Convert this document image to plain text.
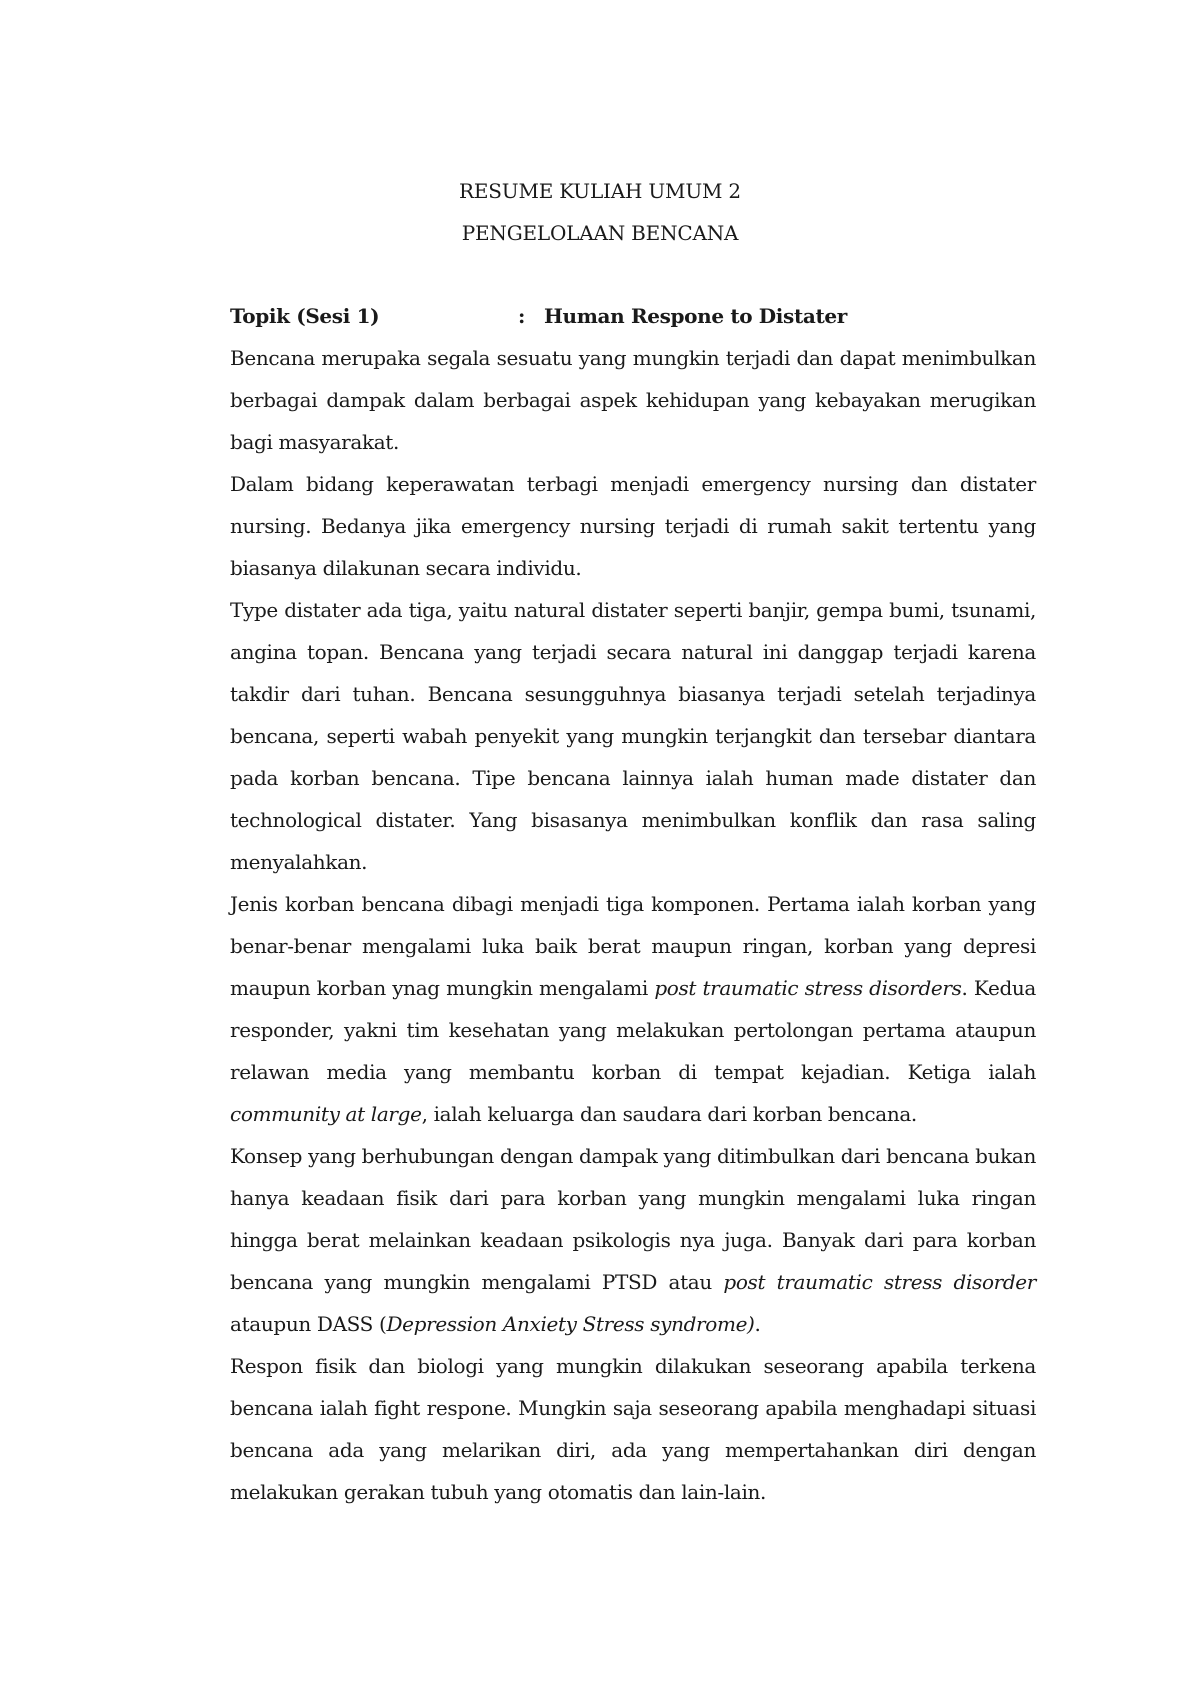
RESUME KULIAH UMUM 2
PENGELOLAAN BENCANA
Topik (Sesi 1)	: Human Respone to Distater

Bencana merupaka segala sesuatu yang mungkin terjadi dan dapat menimbulkan berbagai dampak dalam berbagai aspek kehidupan yang kebayakan merugikan bagi masyarakat.

Dalam bidang keperawatan terbagi menjadi emergency nursing dan distater nursing. Bedanya jika emergency nursing terjadi di rumah sakit tertentu yang biasanya dilakunan secara individu.

Type distater ada tiga, yaitu natural distater seperti banjir, gempa bumi, tsunami, angina topan. Bencana yang terjadi secara natural ini danggap terjadi karena takdir dari tuhan. Bencana sesungguhnya biasanya terjadi setelah terjadinya bencana, seperti wabah penyekit yang mungkin terjangkit dan tersebar diantara pada korban bencana. Tipe bencana lainnya ialah human made distater dan technological distater. Yang bisasanya menimbulkan konflik dan rasa saling menyalahkan.

Jenis korban bencana dibagi menjadi tiga komponen. Pertama ialah korban yang benar-benar mengalami luka baik berat maupun ringan, korban yang depresi maupun korban ynag mungkin mengalami post traumatic stress disorders. Kedua responder, yakni tim kesehatan yang melakukan pertolongan pertama ataupun relawan media yang membantu korban di tempat kejadian. Ketiga ialah community at large, ialah keluarga dan saudara dari korban bencana.

Konsep yang berhubungan dengan dampak yang ditimbulkan dari bencana bukan hanya keadaan fisik dari para korban yang mungkin mengalami luka ringan hingga berat melainkan keadaan psikologis nya juga. Banyak dari para korban bencana yang mungkin mengalami PTSD atau post traumatic stress disorder ataupun DASS (Depression Anxiety Stress syndrome).

Respon fisik dan biologi yang mungkin dilakukan seseorang apabila terkena bencana ialah fight respone. Mungkin saja seseorang apabila menghadapi situasi bencana ada yang melarikan diri, ada yang mempertahankan diri dengan melakukan gerakan tubuh yang otomatis dan lain-lain.
